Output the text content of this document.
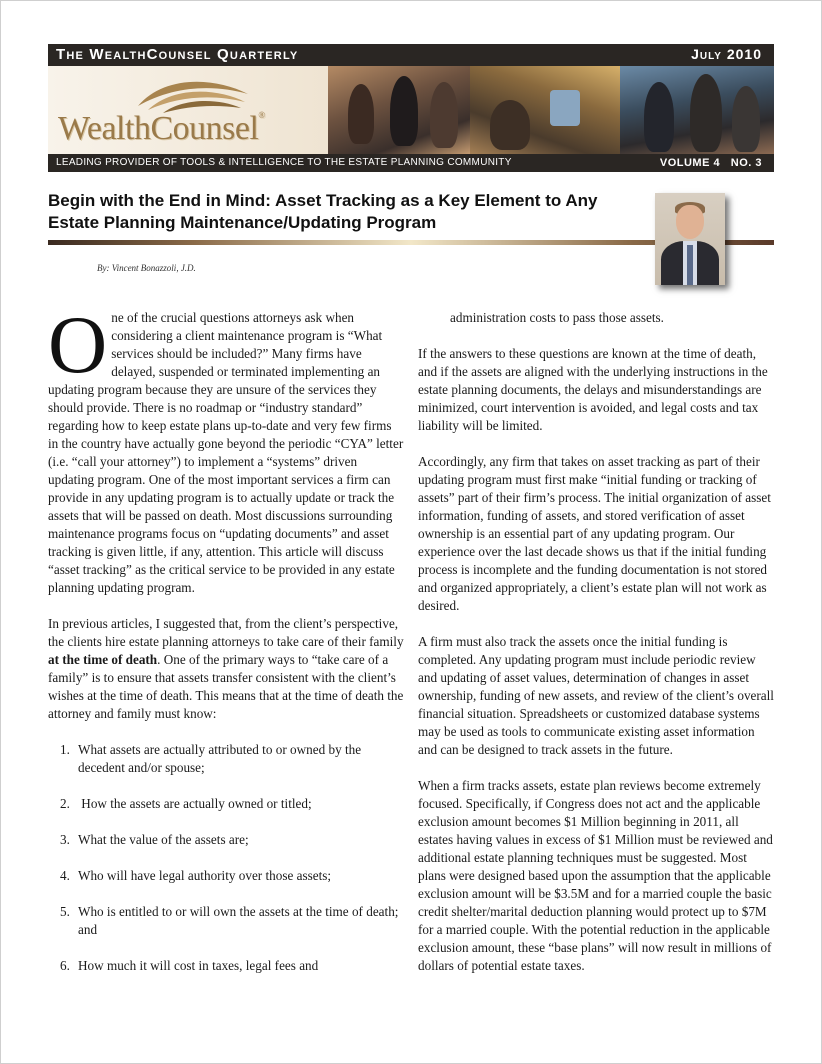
The WealthCounsel Quarterly	July 2010
WealthCounsel®
LEADING PROVIDER OF TOOLS & INTELLIGENCE TO THE ESTATE PLANNING COMMUNITY	VOLUME 4   NO. 3
Begin with the End in Mind: Asset Tracking as a Key Element to Any Estate Planning Maintenance/Updating Program
By: Vincent Bonazzoli, J.D.

One of the crucial questions attorneys ask when considering a client maintenance program is “What services should be included?” Many firms have delayed, suspended or terminated implementing an updating program because they are unsure of the services they should provide. There is no roadmap or “industry standard” regarding how to keep estate plans up-to-date and very few firms in the country have actually gone beyond the periodic “CYA” letter (i.e. “call your attorney”) to implement a “systems” driven updating program. One of the most important services a firm can provide in any updating program is to actually update or track the assets that will be passed on death. Most discussions surrounding maintenance programs focus on “updating documents” and asset tracking is given little, if any, attention. This article will discuss “asset tracking” as the critical service to be provided in any estate planning updating program.

In previous articles, I suggested that, from the client’s perspective, the clients hire estate planning attorneys to take care of their family at the time of death. One of the primary ways to “take care of a family” is to ensure that assets transfer consistent with the client’s wishes at the time of death. This means that at the time of death the attorney and family must know:

1. What assets are actually attributed to or owned by the decedent and/or spouse;
2. How the assets are actually owned or titled;
3. What the value of the assets are;
4. Who will have legal authority over those assets;
5. Who is entitled to or will own the assets at the time of death; and
6. How much it will cost in taxes, legal fees and

administration costs to pass those assets.

If the answers to these questions are known at the time of death, and if the assets are aligned with the underlying instructions in the estate planning documents, the delays and misunderstandings are minimized, court intervention is avoided, and legal costs and tax liability will be limited.

Accordingly, any firm that takes on asset tracking as part of their updating program must first make “initial funding or tracking of assets” part of their firm’s process. The initial organization of asset information, funding of assets, and stored verification of asset ownership is an essential part of any updating program. Our experience over the last decade shows us that if the initial funding process is incomplete and the funding documentation is not stored and organized appropriately, a client’s estate plan will not work as desired.

A firm must also track the assets once the initial funding is completed. Any updating program must include periodic review and updating of asset values, determination of changes in asset ownership, funding of new assets, and review of the client’s overall financial situation. Spreadsheets or customized database systems may be used as tools to communicate existing asset information and can be designed to track assets in the future.

When a firm tracks assets, estate plan reviews become extremely focused. Specifically, if Congress does not act and the applicable exclusion amount becomes $1 Million beginning in 2011, all estates having values in excess of $1 Million must be reviewed and additional estate planning techniques must be suggested. Most plans were designed based upon the assumption that the applicable exclusion amount will be $3.5M and for a married couple the basic credit shelter/marital deduction planning would protect up to $7M for a married couple. With the potential reduction in the applicable exclusion amount, these “base plans” will now result in millions of dollars of potential estate taxes.
